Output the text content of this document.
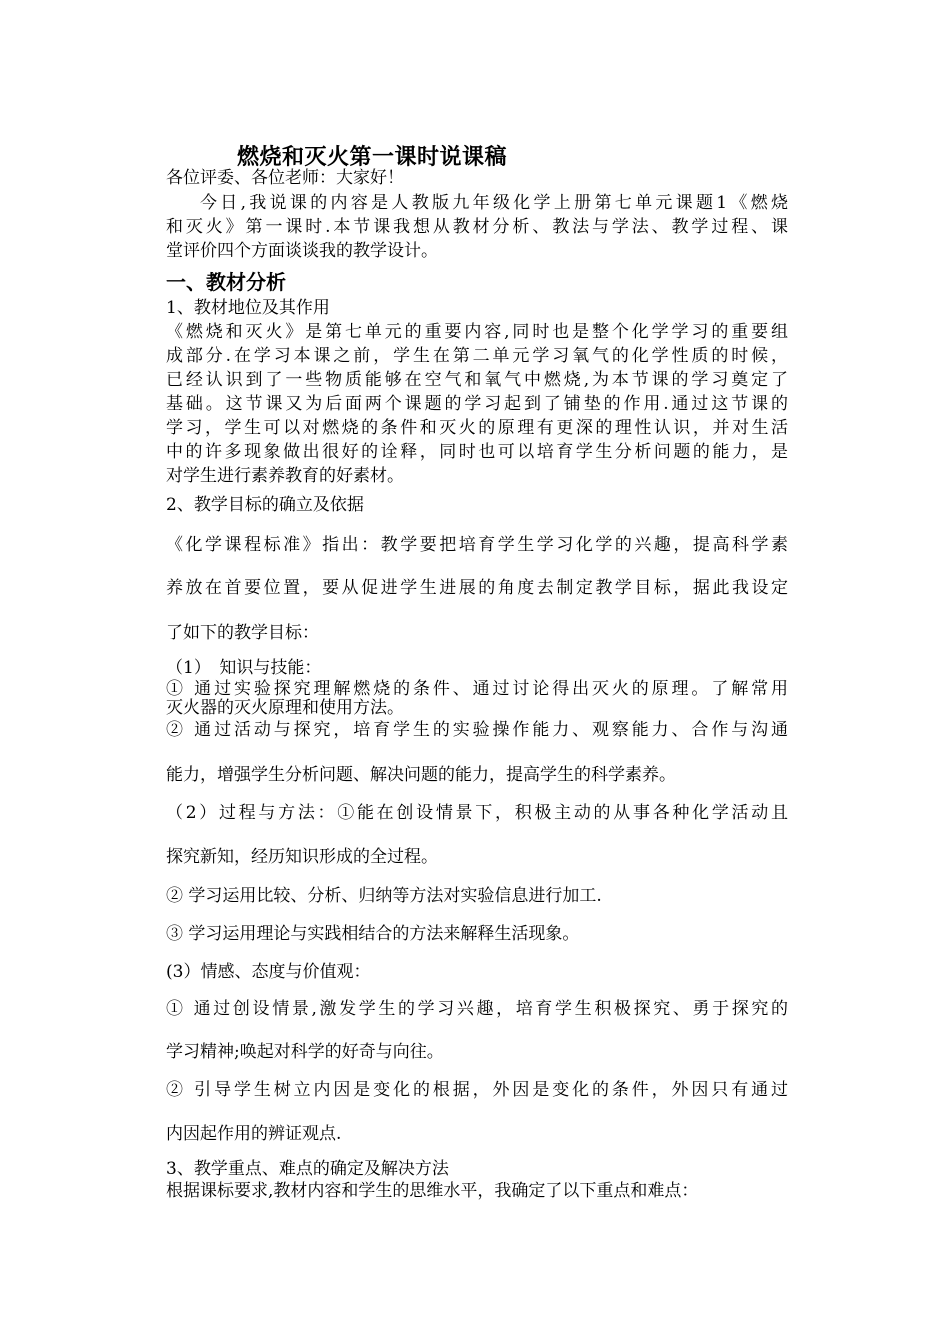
燃烧和灭火第一课时说课稿
各位评委、各位老师：大家好！
今日,我说课的内容是人教版九年级化学上册第七单元课题1《燃烧
和灭火》第一课时.本节课我想从教材分析、教法与学法、教学过程、课
堂评价四个方面谈谈我的教学设计。
一、教材分析
1、教材地位及其作用
《燃烧和灭火》是第七单元的重要内容,同时也是整个化学学习的重要组
成部分.在学习本课之前，学生在第二单元学习氧气的化学性质的时候，
已经认识到了一些物质能够在空气和氧气中燃烧,为本节课的学习奠定了
基础。这节课又为后面两个课题的学习起到了铺垫的作用.通过这节课的
学习，学生可以对燃烧的条件和灭火的原理有更深的理性认识，并对生活
中的许多现象做出很好的诠释，同时也可以培育学生分析问题的能力，是
对学生进行素养教育的好素材。
2、教学目标的确立及依据
《化学课程标准》指出：教学要把培育学生学习化学的兴趣，提高科学素
养放在首要位置，要从促进学生进展的角度去制定教学目标，据此我设定
了如下的教学目标：
（1）　知识与技能：
① 通过实验探究理解燃烧的条件、通过讨论得出灭火的原理。了解常用
灭火器的灭火原理和使用方法。
② 通过活动与探究，培育学生的实验操作能力、观察能力、合作与沟通
能力，增强学生分析问题、解决问题的能力，提高学生的科学素养。
（2）过程与方法：①能在创设情景下，积极主动的从事各种化学活动且
探究新知，经历知识形成的全过程。
② 学习运用比较、分析、归纳等方法对实验信息进行加工.
③ 学习运用理论与实践相结合的方法来解释生活现象。
(3）情感、态度与价值观：
① 通过创设情景,激发学生的学习兴趣，培育学生积极探究、勇于探究的
学习精神;唤起对科学的好奇与向往。
② 引导学生树立内因是变化的根据，外因是变化的条件，外因只有通过
内因起作用的辨证观点.
3、教学重点、难点的确定及解决方法
根据课标要求,教材内容和学生的思维水平，我确定了以下重点和难点：
